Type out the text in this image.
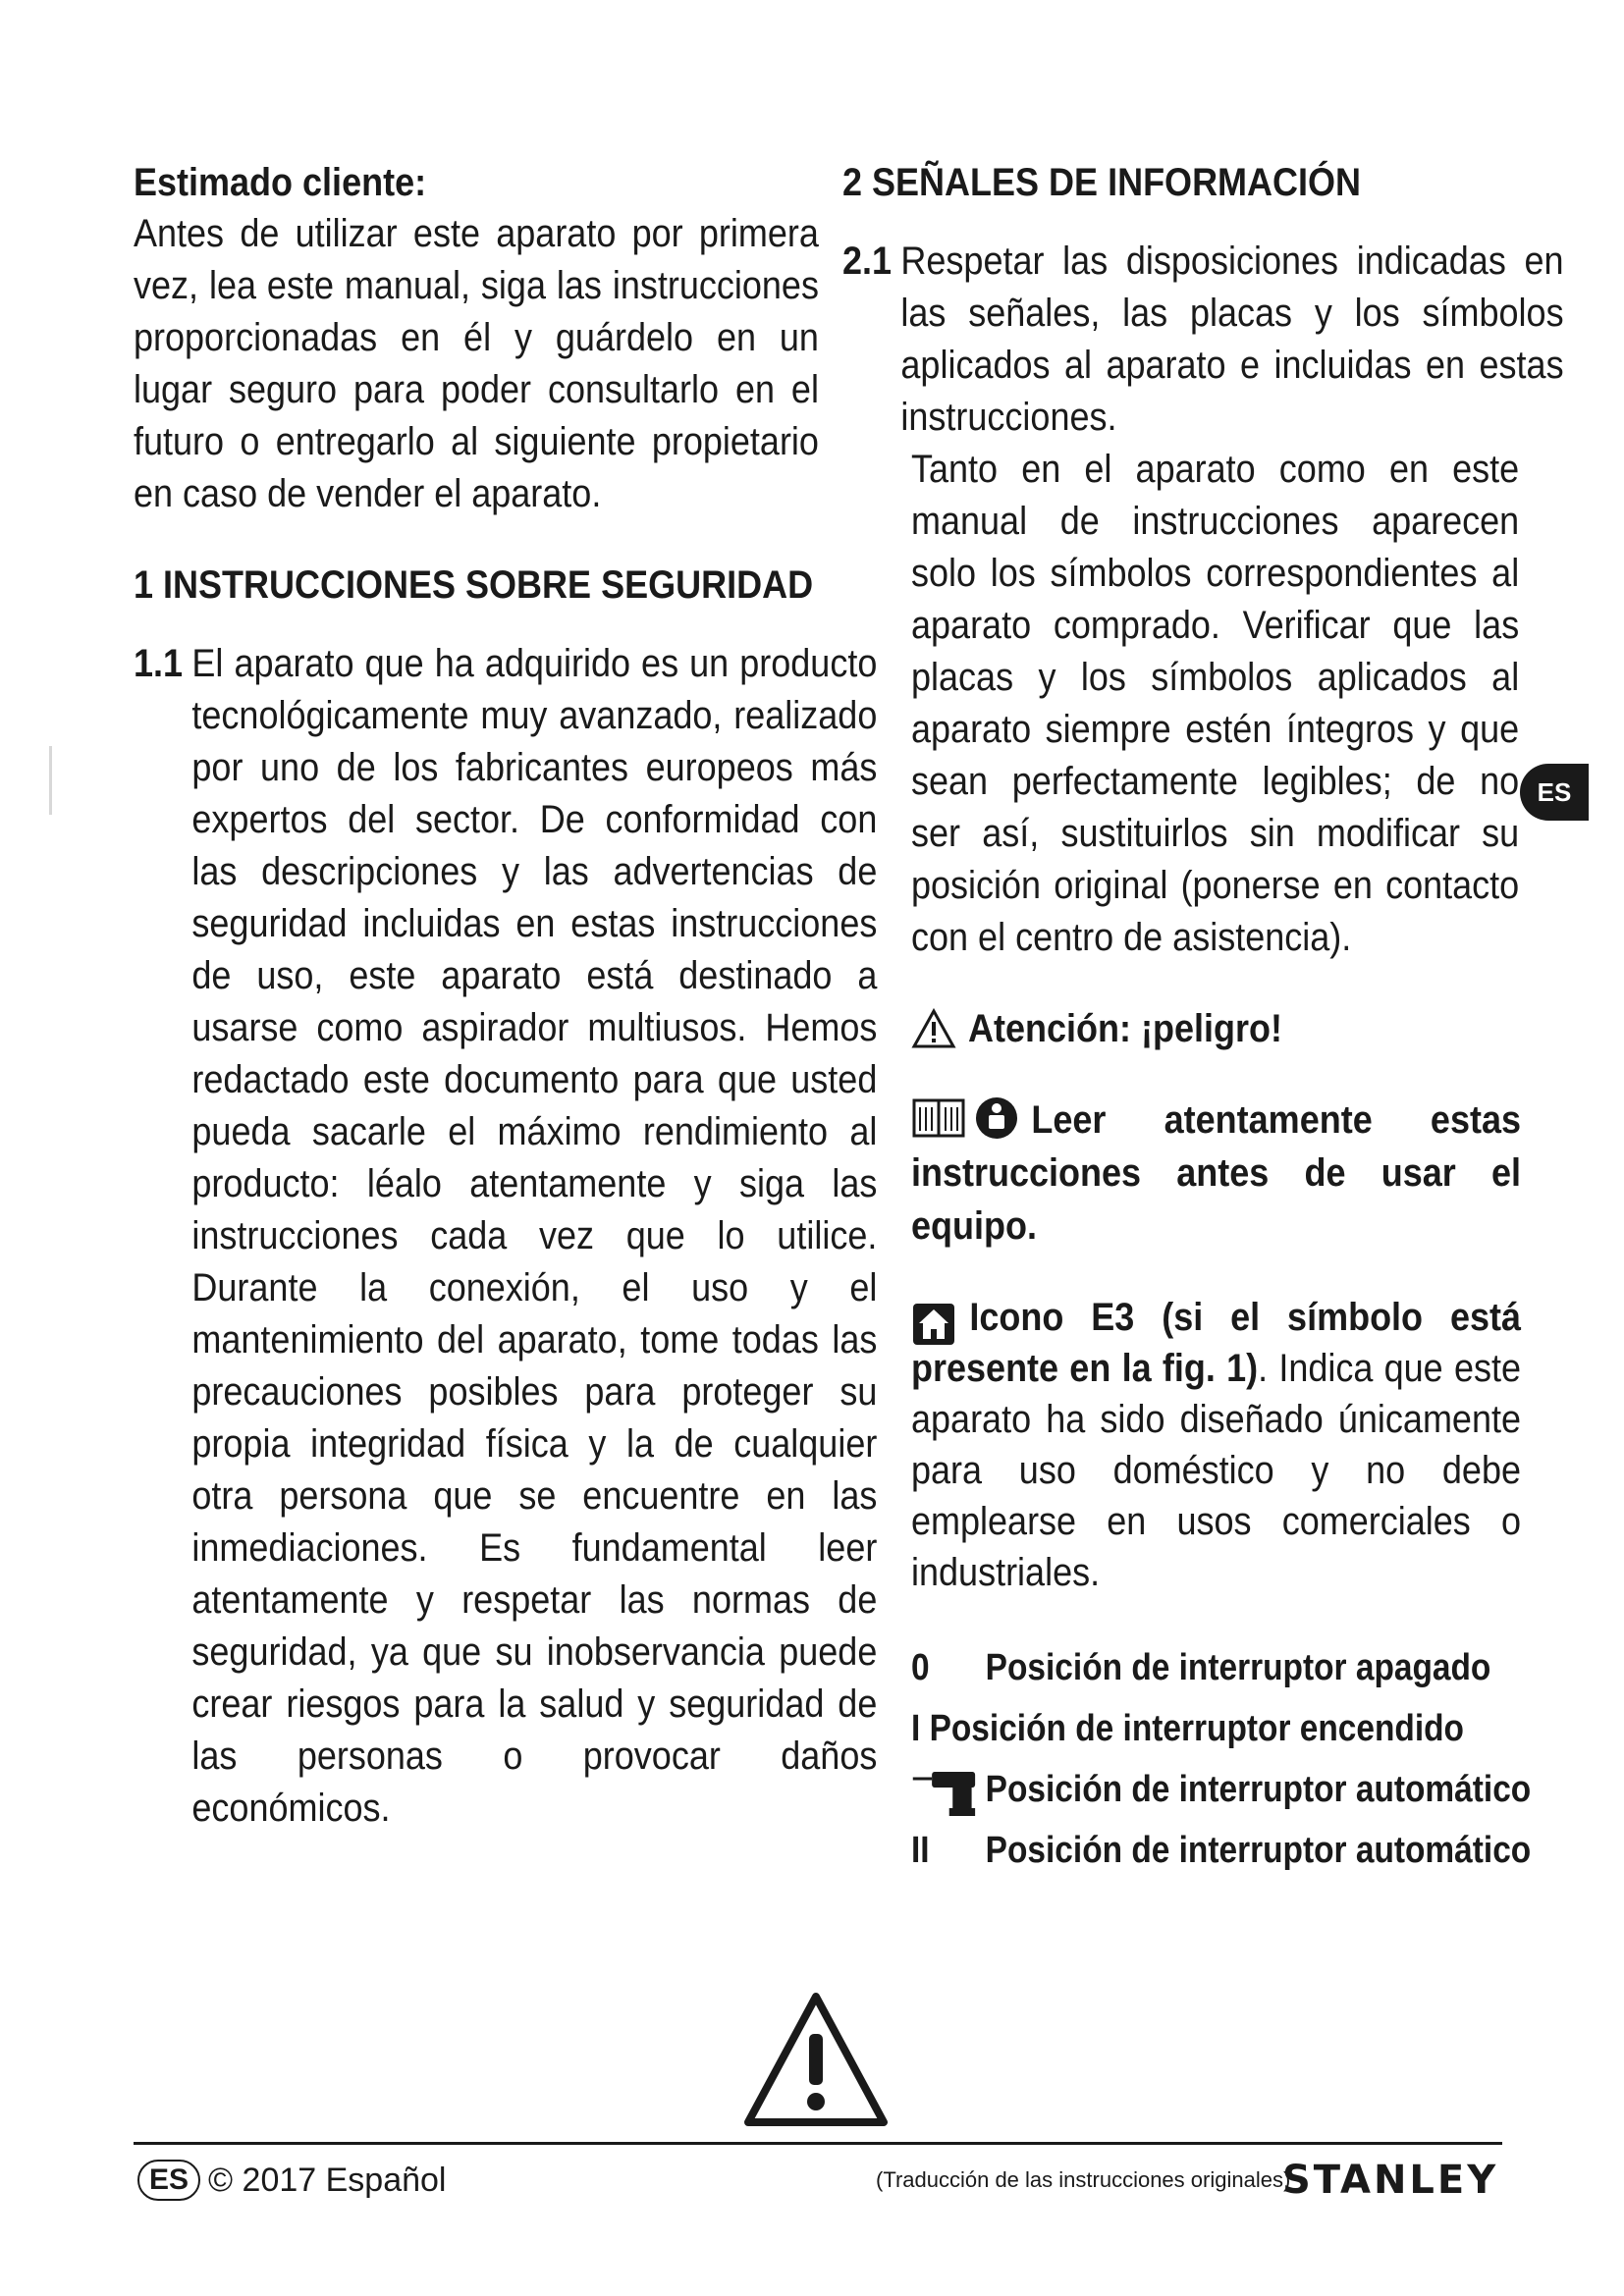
Estimado cliente:

Antes de utilizar este aparato por primera vez, lea este manual, siga las instrucciones proporcionadas en él y guárdelo en un lugar seguro para poder consultarlo en el futuro o entregarlo al siguiente propietario en caso de vender el aparato.

1 INSTRUCCIONES SOBRE SEGURIDAD

1.1 El aparato que ha adquirido es un producto tecnológicamente muy avanzado, realizado por uno de los fabricantes europeos más expertos del sector. De conformidad con las descripciones y las advertencias de seguridad incluidas en estas instrucciones de uso, este aparato está destinado a usarse como aspirador multiusos. Hemos redactado este documento para que usted pueda sacarle el máximo rendimiento al producto: léalo atentamente y siga las instrucciones cada vez que lo utilice. Durante la conexión, el uso y el mantenimiento del aparato, tome todas las precauciones posibles para proteger su propia integridad física y la de cualquier otra persona que se encuentre en las inmediaciones. Es fundamental leer atentamente y respetar las normas de seguridad, ya que su inobservancia puede crear riesgos para la salud y seguridad de las personas o provocar daños económicos.

2 SEÑALES DE INFORMACIÓN

2.1 Respetar las disposiciones indicadas en las señales, las placas y los símbolos aplicados al aparato e incluidas en estas instrucciones.

Tanto en el aparato como en este manual de instrucciones aparecen solo los símbolos correspondientes al aparato comprado. Verificar que las placas y los símbolos aplicados al aparato siempre estén íntegros y que sean perfectamente legibles; de no ser así, sustituirlos sin modificar su posición original (ponerse en contacto con el centro de asistencia).

Atención: ¡peligro!

Leer atentamente estas instrucciones antes de usar el equipo.

Icono E3 (si el símbolo está presente en la fig. 1). Indica que este aparato ha sido diseñado únicamente para uso doméstico y no debe emplearse en usos comerciales o industriales.

0 Posición de interruptor apagado
I Posición de interruptor encendido
Posición de interruptor automático
II Posición de interruptor automático
ES
ES © 2017 Español	(Traducción de las instrucciones originales)
STANLEY
